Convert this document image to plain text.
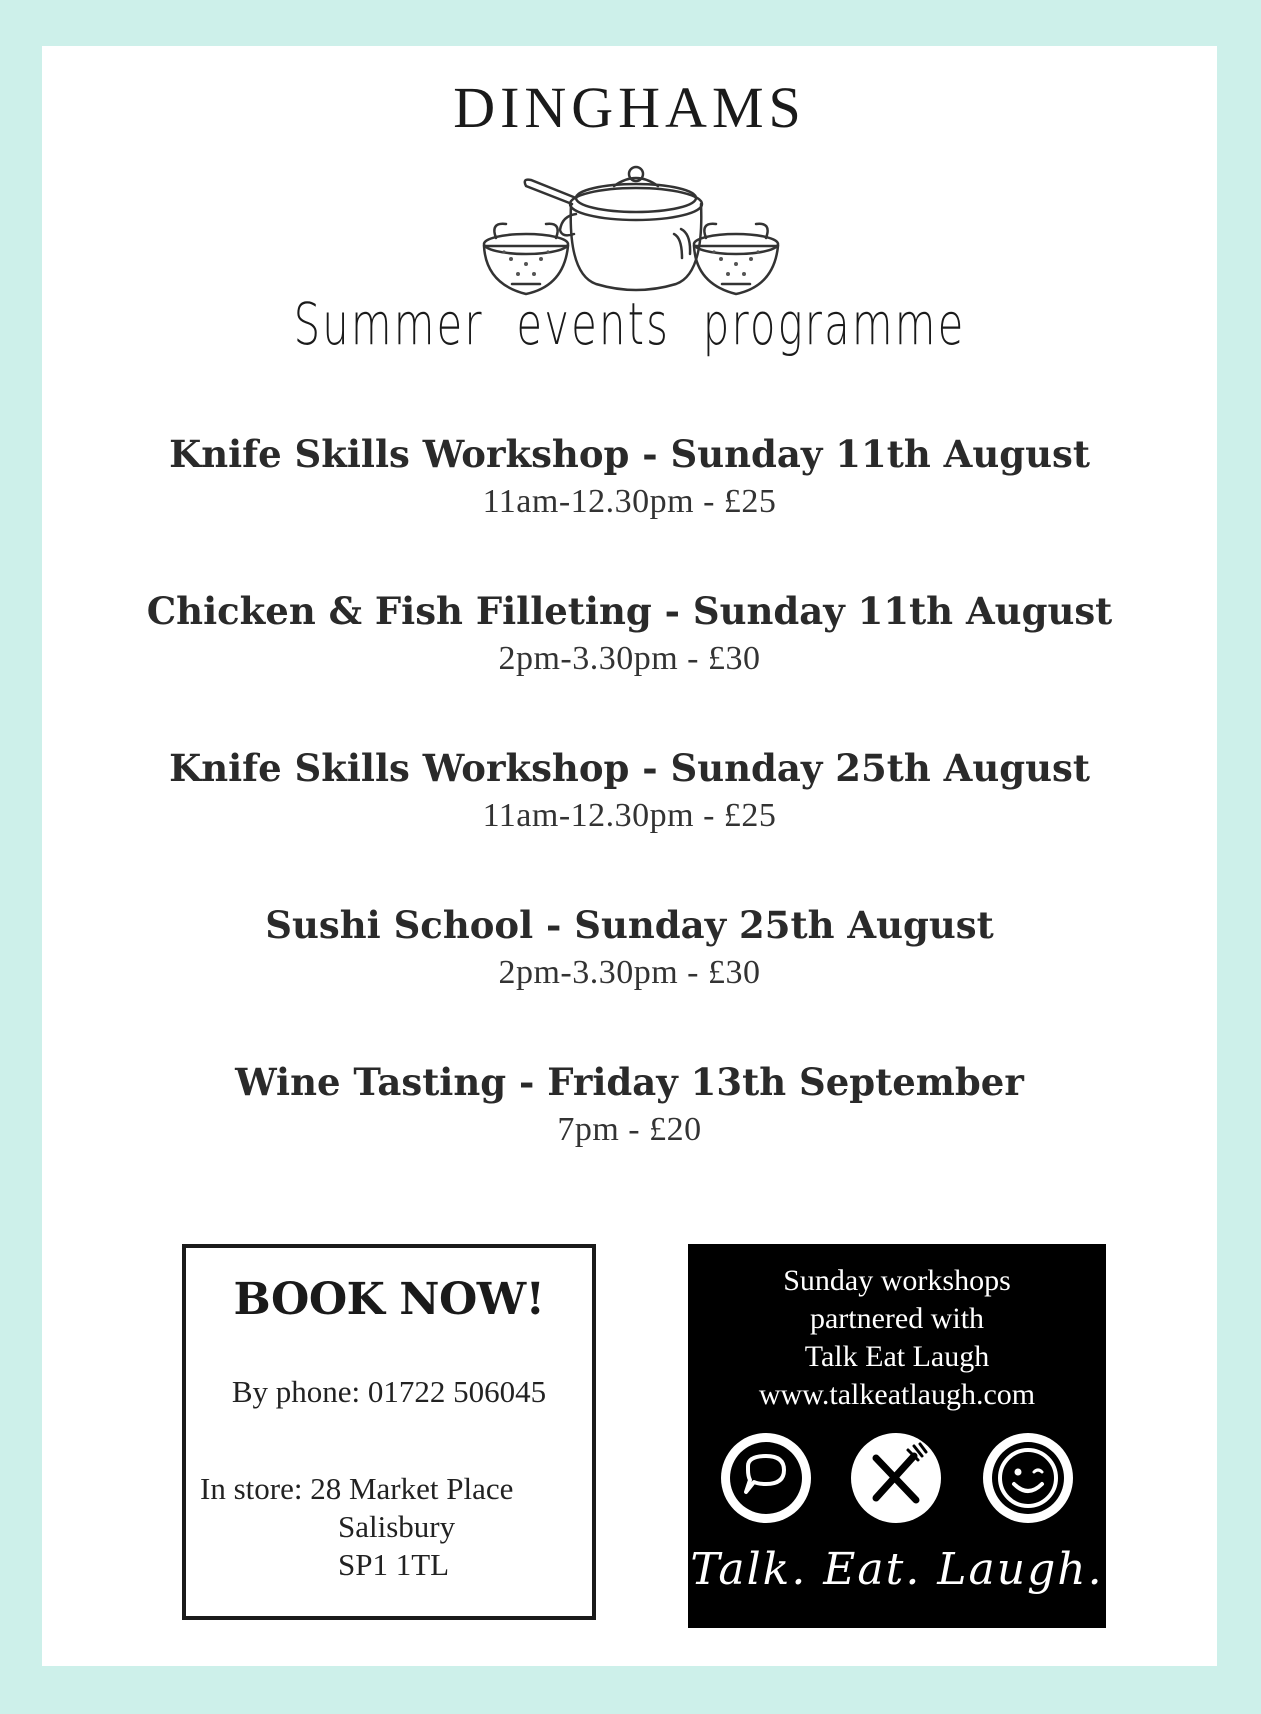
DINGHAMS
Summer events programme
Knife Skills Workshop - Sunday 11th August
11am-12.30pm - £25
Chicken & Fish Filleting - Sunday 11th August
2pm-3.30pm - £30
Knife Skills Workshop - Sunday 25th August
11am-12.30pm - £25
Sushi School - Sunday 25th August
2pm-3.30pm - £30
Wine Tasting - Friday 13th September
7pm - £20
BOOK NOW!
By phone: 01722 506045
In store: 28 Market Place
Salisbury
SP1 1TL
Sunday workshops
partnered with
Talk Eat Laugh
www.talkeatlaugh.com
Talk. Eat. Laugh.
